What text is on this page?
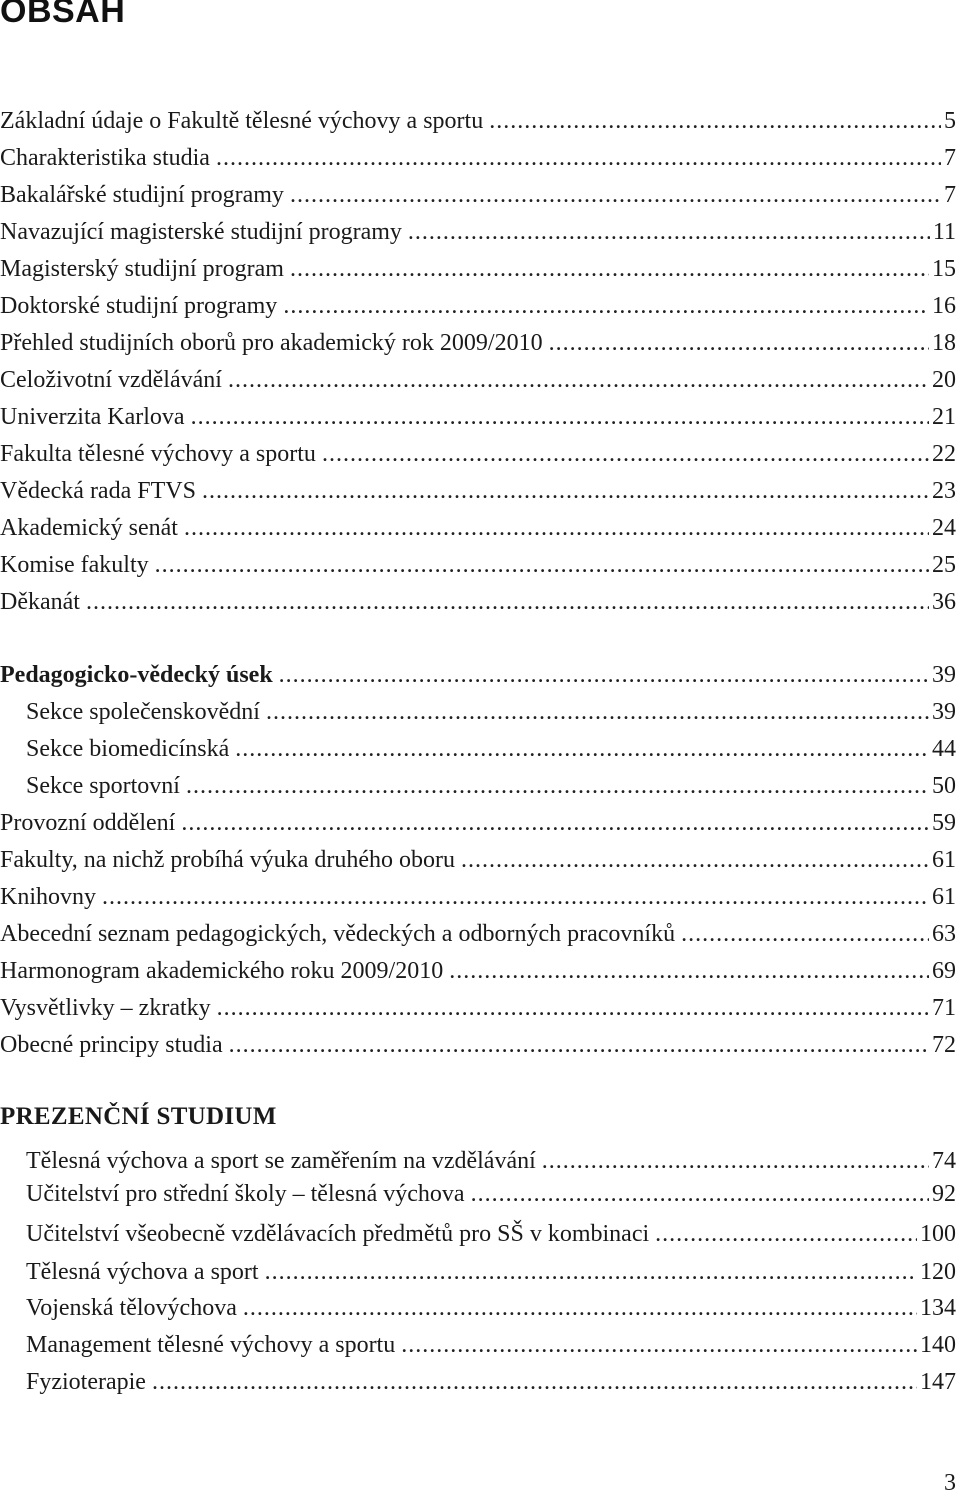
OBSAH
Základní údaje o Fakultě tělesné výchovy a sportu .....	5
Charakteristika studia .....	7
Bakalářské studijní programy .....	7
Navazující magisterské studijní programy .....	11
Magisterský studijní program .....	15
Doktorské studijní programy .....	16
Přehled studijních oborů pro akademický rok 2009/2010 .....	18
Celoživotní vzdělávání .....	20
Univerzita Karlova .....	21
Fakulta tělesné výchovy a sportu .....	22
Vědecká rada FTVS .....	23
Akademický senát .....	24
Komise fakulty .....	25
Děkanát .....	36
Pedagogicko-vědecký úsek .....	39
Sekce společenskovědní .....	39
Sekce biomedicínská .....	44
Sekce sportovní .....	50
Provozní oddělení .....	59
Fakulty, na nichž probíhá výuka druhého oboru .....	61
Knihovny .....	61
Abecední seznam pedagogických, vědeckých a odborných pracovníků .....	63
Harmonogram akademického roku 2009/2010 .....	69
Vysvětlivky – zkratky .....	71
Obecné principy studia .....	72
PREZENČNÍ STUDIUM
Tělesná výchova a sport se zaměřením na vzdělávání .....	74
Učitelství pro střední školy – tělesná výchova .....	92
Učitelství všeobecně vzdělávacích předmětů pro SŠ v kombinaci .....	100
Tělesná výchova a sport .....	120
Vojenská tělovýchova .....	134
Management tělesné výchovy a sportu .....	140
Fyzioterapie .....	147
3
